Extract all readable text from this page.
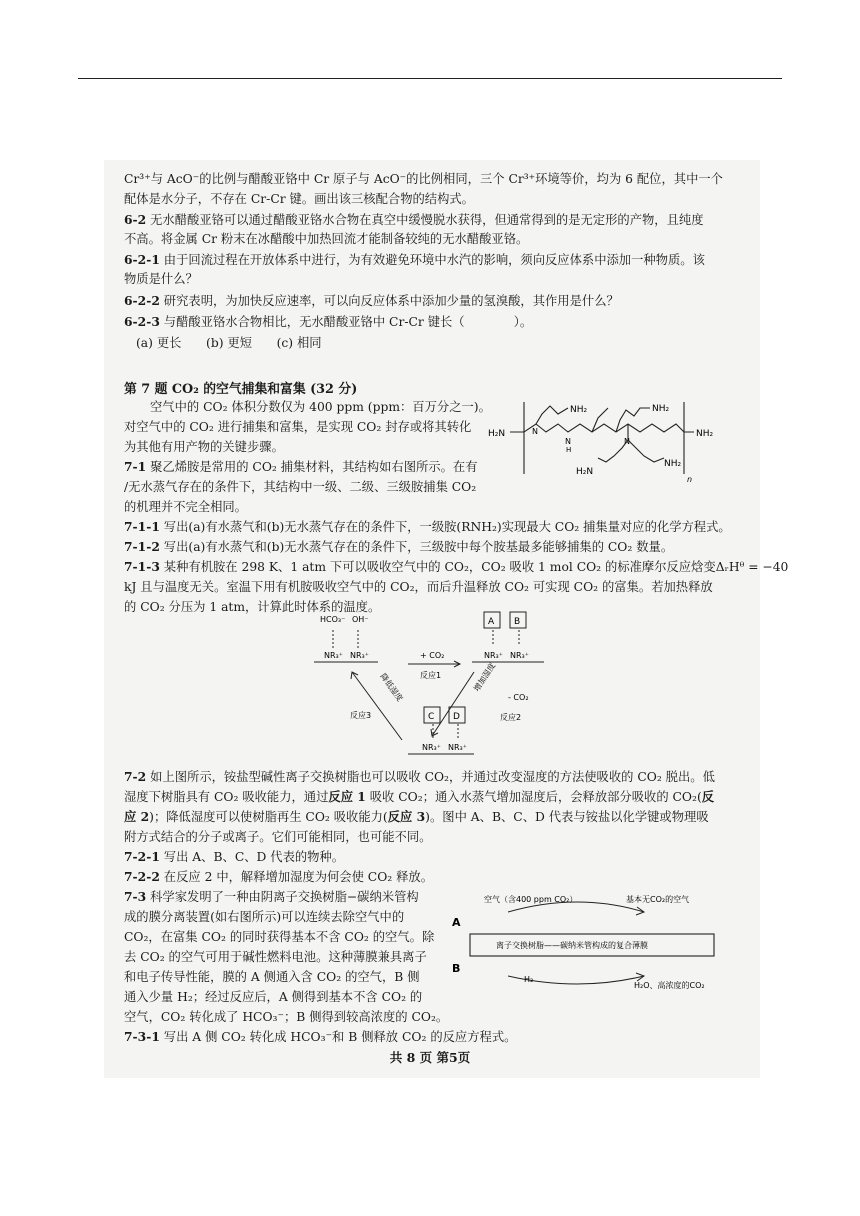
Cr³⁺与 AcO⁻的比例与醋酸亚铬中 Cr 原子与 AcO⁻的比例相同，三个 Cr³⁺环境等价，均为 6 配位，其中一个
配体是水分子，不存在 Cr-Cr 键。画出该三核配合物的结构式。
6-2 无水醋酸亚铬可以通过醋酸亚铬水合物在真空中缓慢脱水获得，但通常得到的是无定形的产物，且纯度
不高。将金属 Cr 粉末在冰醋酸中加热回流才能制备较纯的无水醋酸亚铬。
6-2-1 由于回流过程在开放体系中进行，为有效避免环境中水汽的影响，须向反应体系中添加一种物质。该
物质是什么？
6-2-2 研究表明，为加快反应速率，可以向反应体系中添加少量的氢溴酸，其作用是什么？
6-2-3 与醋酸亚铬水合物相比，无水醋酸亚铬中 Cr-Cr 键长（　　　　）。
(a) 更长　　(b) 更短　　(c) 相同
第 7 题 CO₂ 的空气捕集和富集 (32 分)
空气中的 CO₂ 体积分数仅为 400 ppm (ppm：百万分之一)。
对空气中的 CO₂ 进行捕集和富集，是实现 CO₂ 封存或将其转化
为其他有用产物的关键步骤。
7-1 聚乙烯胺是常用的 CO₂ 捕集材料，其结构如右图所示。在有
/无水蒸气存在的条件下，其结构中一级、二级、三级胺捕集 CO₂
的机理并不完全相同。
H₂N	NH₂
NH₂	NH₂
H₂N
NH₂
N
N
H
N
n
7-1-1 写出(a)有水蒸气和(b)无水蒸气存在的条件下，一级胺(RNH₂)实现最大 CO₂ 捕集量对应的化学方程式。
7-1-2 写出(a)有水蒸气和(b)无水蒸气存在的条件下，三级胺中每个胺基最多能够捕集的 CO₂ 数量。
7-1-3 某种有机胺在 298 K、1 atm 下可以吸收空气中的 CO₂，CO₂ 吸收 1 mol CO₂ 的标准摩尔反应焓变ΔᵣHᶿ = −40
kJ 且与温度无关。室温下用有机胺吸收空气中的 CO₂，而后升温释放 CO₂ 可实现 CO₂ 的富集。若加热释放
的 CO₂ 分压为 1 atm，计算此时体系的温度。
A B
C D
HCO₃⁻ OH⁻
NR₃⁺ NR₃⁺	NR₃⁺ NR₃⁺
NR₃⁺ NR₃⁺
+ CO₂
反应1
- CO₂
反应2
反应3
增加湿度
降低湿度
7-2 如上图所示，铵盐型碱性离子交换树脂也可以吸收 CO₂，并通过改变湿度的方法使吸收的 CO₂ 脱出。低
湿度下树脂具有 CO₂ 吸收能力，通过反应 1 吸收 CO₂；通入水蒸气增加湿度后，会释放部分吸收的 CO₂(反
应 2)；降低湿度可以使树脂再生 CO₂ 吸收能力(反应 3)。图中 A、B、C、D 代表与铵盐以化学键或物理吸
附方式结合的分子或离子。它们可能相同，也可能不同。
7-2-1 写出 A、B、C、D 代表的物种。
7-2-2 在反应 2 中，解释增加湿度为何会使 CO₂ 释放。
7-3 科学家发明了一种由阴离子交换树脂−碳纳米管构
成的膜分离装置(如右图所示)可以连续去除空气中的
CO₂，在富集 CO₂ 的同时获得基本不含 CO₂ 的空气。除
去 CO₂ 的空气可用于碱性燃料电池。这种薄膜兼具离子
和电子传导性能，膜的 A 侧通入含 CO₂ 的空气，B 侧
通入少量 H₂；经过反应后，A 侧得到基本不含 CO₂ 的
空气，CO₂ 转化成了 HCO₃⁻；B 侧得到较高浓度的 CO₂。
空气（含400 ppm CO₂）	基本无CO₂的空气
A
B
离子交换树脂——碳纳米管构成的复合薄膜
H₂
H₂O、高浓度的CO₂
7-3-1 写出 A 侧 CO₂ 转化成 HCO₃⁻和 B 侧释放 CO₂ 的反应方程式。
共 8 页 第5页
